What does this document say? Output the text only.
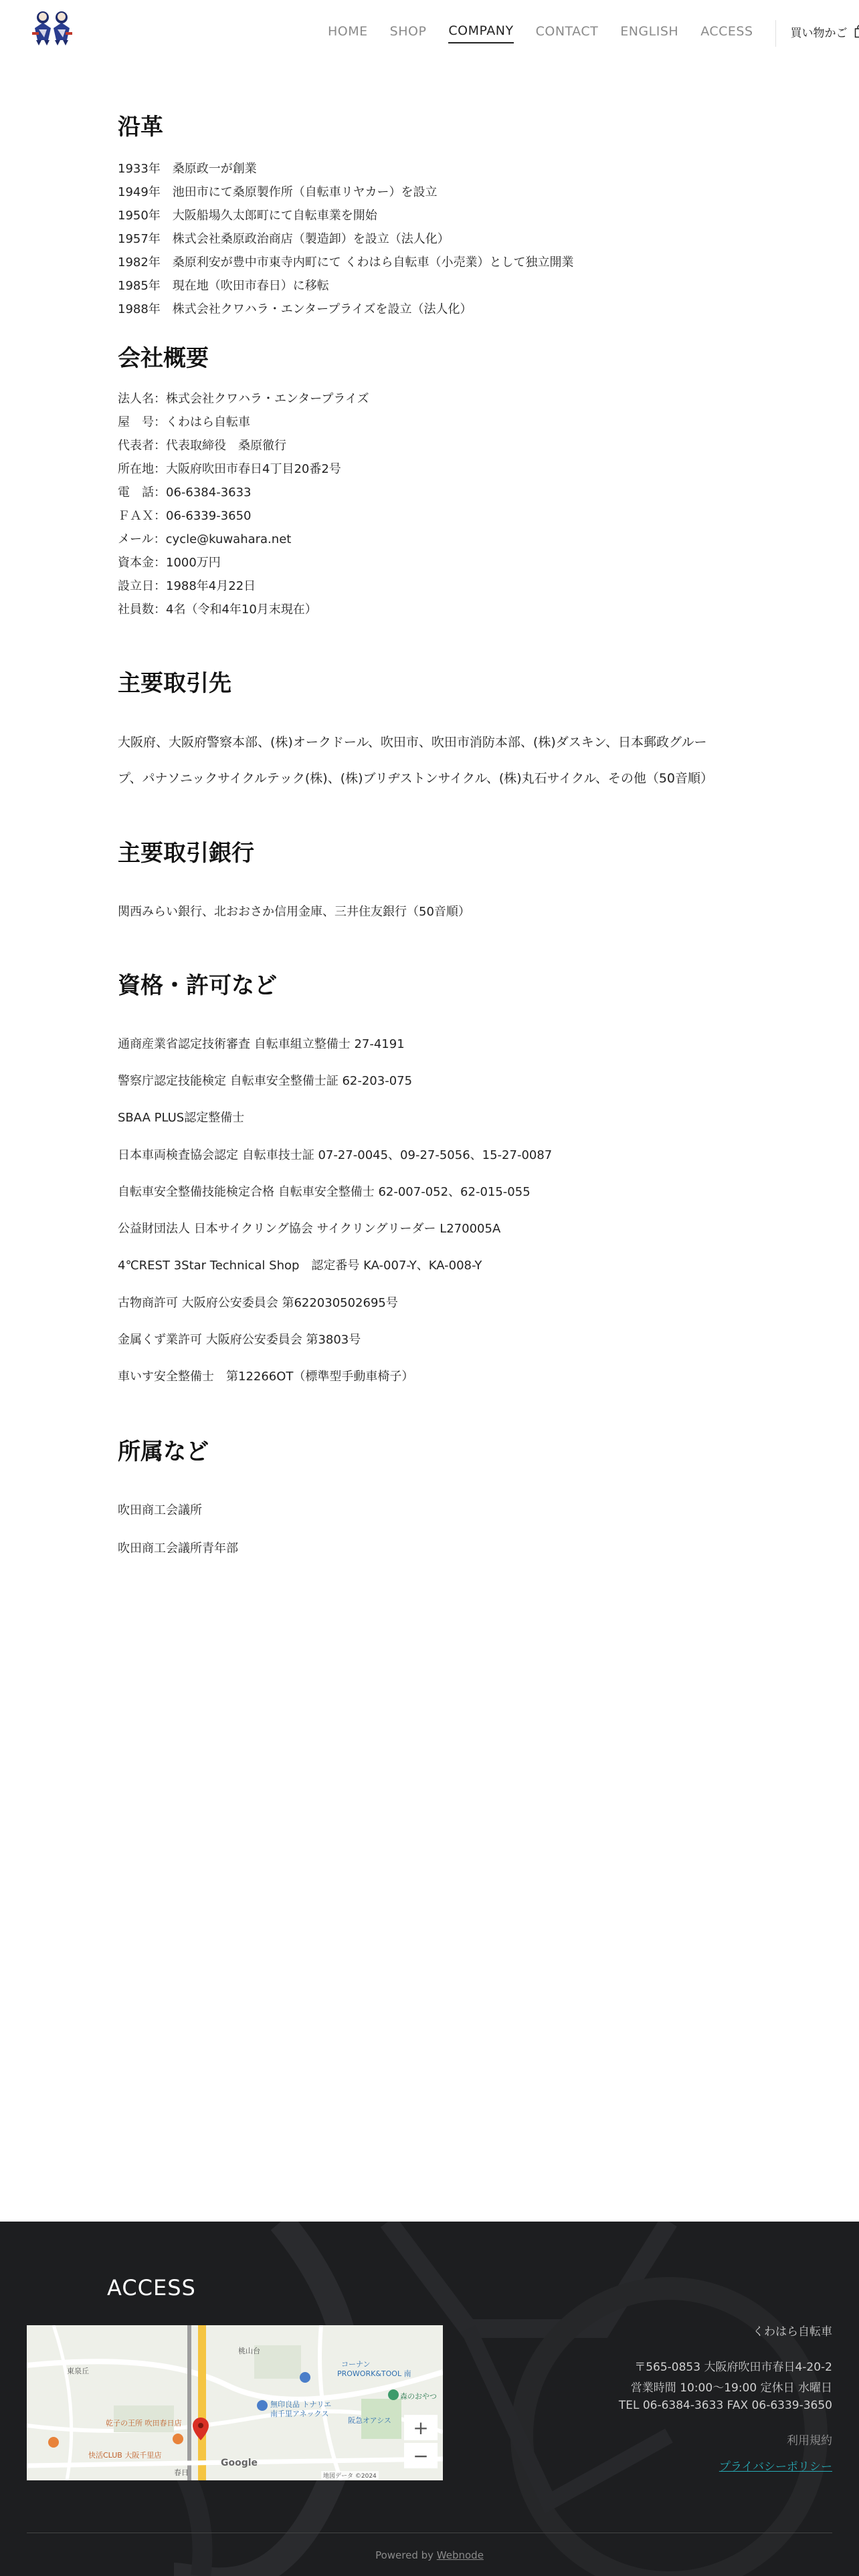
HOME SHOP COMPANY CONTACT ENGLISH ACCESS	買い物かご
沿革
1933年　桑原政一が創業
1949年　池田市にて桑原製作所（自転車リヤカー）を設立
1950年　大阪船場久太郎町にて自転車業を開始
1957年　株式会社桑原政治商店（製造卸）を設立（法人化）
1982年　桑原利安が豊中市東寺内町にて くわはら自転車（小売業）として独立開業
1985年　現在地（吹田市春日）に移転
1988年　株式会社クワハラ・エンタープライズを設立（法人化）
会社概要
法人名：株式会社クワハラ・エンタープライズ
屋　号：くわはら自転車
代表者：代表取締役　桑原徹行
所在地：大阪府吹田市春日4丁目20番2号
電　話：06-6384-3633
ＦＡＸ：06-6339-3650
メール：cycle@kuwahara.net
資本金：1000万円
設立日：1988年4月22日
社員数：4名（令和4年10月末現在）
主要取引先
大阪府、大阪府警察本部、(株)オークドール、吹田市、吹田市消防本部、(株)ダスキン、日本郵政グルー
プ、パナソニックサイクルテック(株)、(株)ブリヂストンサイクル、(株)丸石サイクル、その他（50音順）
主要取引銀行
関西みらい銀行、北おおさか信用金庫、三井住友銀行（50音順）
資格・許可など
通商産業省認定技術審査 自転車組立整備士 27-4191
警察庁認定技能検定 自転車安全整備士証 62-203-075
SBAA PLUS認定整備士
日本車両検査協会認定 自転車技士証 07-27-0045、09-27-5056、15-27-0087
自転車安全整備技能検定合格 自転車安全整備士 62-007-052、62-015-055
公益財団法人 日本サイクリング協会 サイクリングリーダー L270005A
4℃REST 3Star Technical Shop　認定番号 KA-007-Y、KA-008-Y
古物商許可 大阪府公安委員会 第622030502695号
金属くず業許可 大阪府公安委員会 第3803号
車いす安全整備士　第12266OT（標準型手動車椅子）
所属など
吹田商工会議所
吹田商工会議所青年部
ACCESS
東泉丘
桃山台
コーナン
PROWORK&TOOL 南
無印良品 トナリエ
南千里アネックス
森のおやつ
阪急オアシス
乾子の王所 吹田春日店
快活CLUB 大阪千里店
春日
Google
地図データ ©2024
+
−
くわはら自転車
〒565-0853 大阪府吹田市春日4-20-2
営業時間 10:00～19:00 定休日 水曜日
TEL 06-6384-3633 FAX 06-6339-3650
利用規約
プライバシーポリシー
Powered by Webnode
